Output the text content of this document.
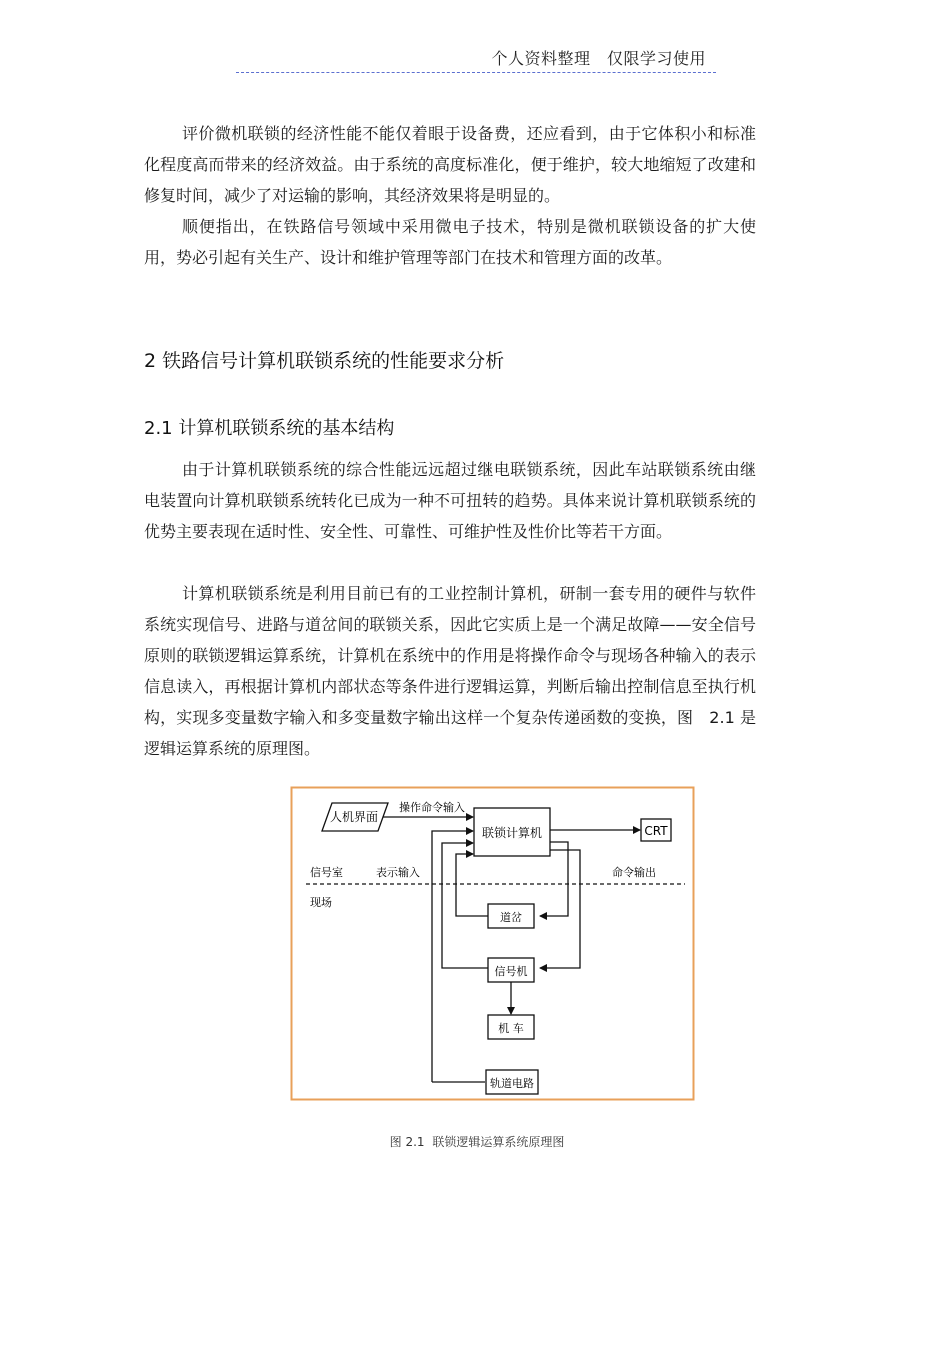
个人资料整理　仅限学习使用

评价微机联锁的经济性能不能仅着眼于设备费，还应看到，由于它体积小和标准化程度高而带来的经济效益。由于系统的高度标准化，便于维护，较大地缩短了改建和修复时间，减少了对运输的影响，其经济效果将是明显的。

顺便指出，在铁路信号领域中采用微电子技术，特别是微机联锁设备的扩大使用，势必引起有关生产、设计和维护管理等部门在技术和管理方面的改革。

2 铁路信号计算机联锁系统的性能要求分析
2.1 计算机联锁系统的基本结构

由于计算机联锁系统的综合性能远远超过继电联锁系统，因此车站联锁系统由继电装置向计算机联锁系统转化已成为一种不可扭转的趋势。具体来说计算机联锁系统的优势主要表现在适时性、安全性、可靠性、可维护性及性价比等若干方面。

计算机联锁系统是利用目前已有的工业控制计算机，研制一套专用的硬件与软件系统实现信号、进路与道岔间的联锁关系，因此它实质上是一个满足故障——安全信号原则的联锁逻辑运算系统，计算机在系统中的作用是将操作命令与现场各种输入的表示信息读入，再根据计算机内部状态等条件进行逻辑运算，判断后输出控制信息至执行机构，实现多变量数字输入和多变量数字输出这样一个复杂传递函数的变换，图　2.1 是逻辑运算系统的原理图。

人机界面
操作命令输入
联锁计算机	CRT
信号室	表示输入	命令输出
现场
道岔
信号机
机 车
轨道电路
图 2.1 联锁逻辑运算系统原理图
